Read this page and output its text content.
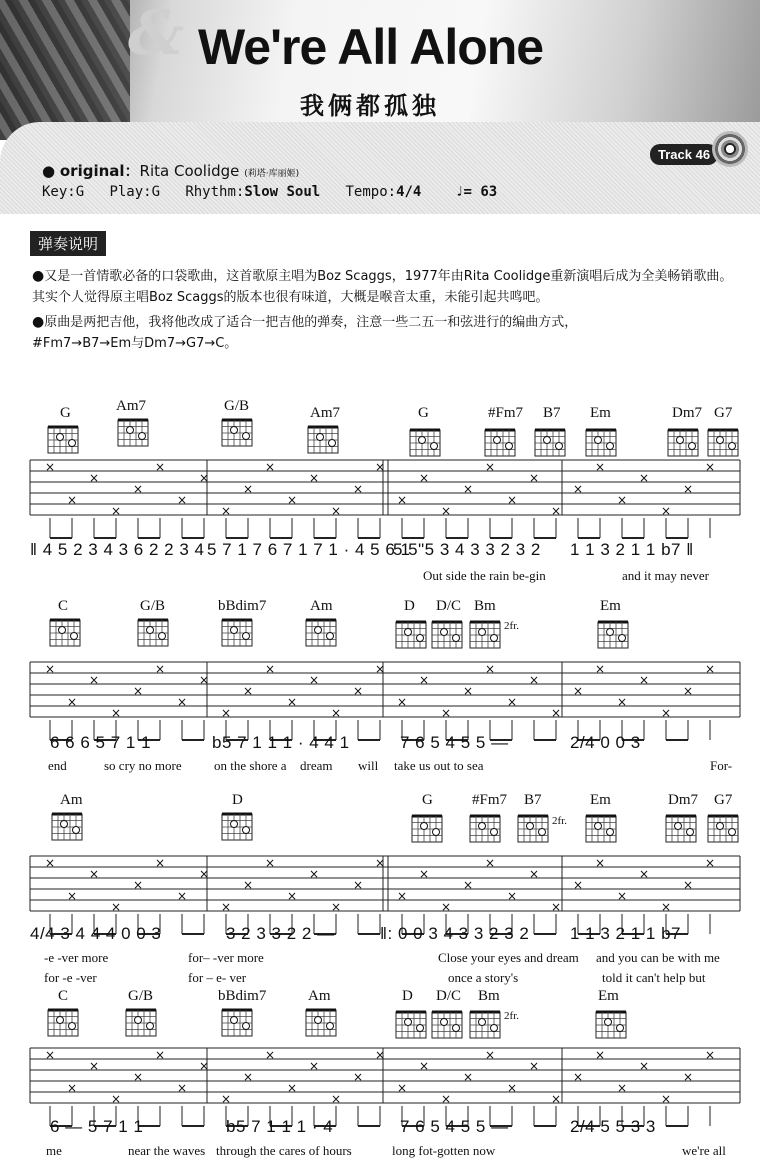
& We're All Alone
我俩都孤独
● original：Rita Coolidge (莉塔·库丽姬)
Key:G Play:G Rhythm:Slow Soul Tempo:4/4 ♩= 63
Track 46
弹奏说明
●又是一首情歌必备的口袋歌曲，这首歌原主唱为Boz Scaggs，1977年由Rita Coolidge重新演唱后成为全美畅销歌曲。其实个人觉得原主唱Boz Scaggs的版本也很有味道，大概是喉音太重，未能引起共鸣吧。
●原曲是两把吉他，我将他改成了适合一把吉他的弹奏，注意一些二五一和弦进行的编曲方式，
#Fm7→B7→Em与Dm7→G7→C。
×
×
×
×
×
×
×
×
×
×
×
×
×
×
×
×
×
×
×
×
×
×
×
×
×
×
×
×
×
×
×
×
×
×
×
×
×
×
×
×
×
×
×
×
×
×
×
×
×
×
×
×
×
×
×
×
×
×
×
×
×
×
×
×
×
×
×
×
×
×
×
×
×
×
×
×
×
×
×
×
×
×
×
×
×
×
×
×
×
×
×
×
×
×
×
×
×
×
×
×
×
×
×
×
×
×
×
×
×
×
×
×
×
×
×
×
×
×
×
×
×
×
×
×
G	Am7	G/B	Am7	G	#Fm7 B7 Em	Dm7 G7
‖ 4 5 2 3 4 3 6 2 2 3 4 5 7 1 7 6 7 1 7 1 · 4 5 6 1
5 5"5 3 4 3 3 2 3 2 1 1 3 2 1 1 b7 ‖
Out side the rain be-gin	and it may never
C	G/B	bBdim7	Am	D D/C Bm
2fr.
Em
6 6 6 5 7 1 1	b5 7 1 1 1 · 4 4 1	7 6 5 4 5 5 —	2/4 0 0 3
end	so cry no more on the shore a dream will take us out to sea	For-
Am	D	G	#Fm7 B7
2fr.
Em	Dm7 G7
4/4 3 4 4 4 0 0 3	3 2 3 3 2 2 —	‖: 0 0 3 4 3 3 2 3 2 1 1 3 2 1 1 b7
-e -ver more	for– -ver more	Close your eyes and dream and you can be with me
for -e -ver	for – e- ver	once a story's	told it can't help but
C	G/B	bBdim7	Am	D D/C Bm
2fr.
Em
6 — 5 7 1 1	b5 7 1 1 1 · 4	7 6 5 4 5 5 —	2/4 5 5 3 3
me	near the waves through the cares of hours	long fot-gotten now	we're all
